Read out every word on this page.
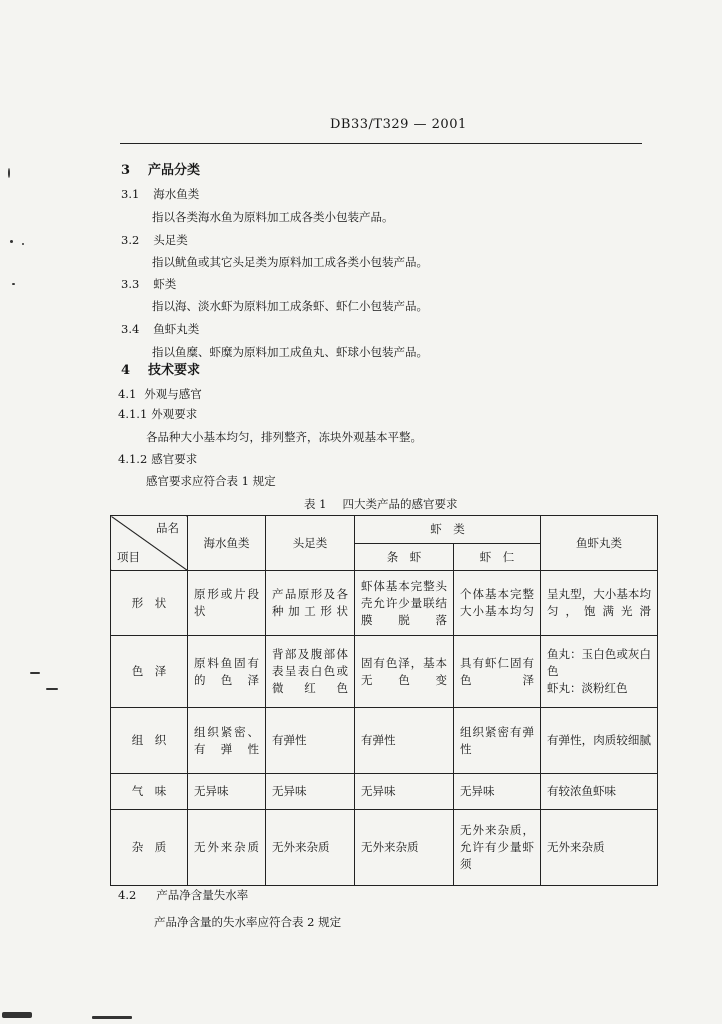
DB33/T329 — 2001
3 产品分类
3.1 海水鱼类
指以各类海水鱼为原料加工成各类小包装产品。
3.2 头足类
指以鱿鱼或其它头足类为原料加工成各类小包装产品。
3.3 虾类
指以海、淡水虾为原料加工成条虾、虾仁小包装产品。
3.4 鱼虾丸类
指以鱼糜、虾糜为原料加工成鱼丸、虾球小包装产品。
4 技术要求
4.1 外观与感官
4.1.1 外观要求
各品种大小基本均匀，排列整齐，冻块外观基本平整。
4.1.2 感官要求
感官要求应符合表 1 规定
表 1 四大类产品的感官要求
品名
项目	海水鱼类	头足类	虾　类		鱼虾丸类
			条　虾	虾　仁	
形　状	原形或片段状	产品原形及各种加工形状	虾体基本完整头壳允许少量联结膜脱落	个体基本完整大小基本均匀	呈丸型，大小基本均匀，饱满光滑
色　泽	原料鱼固有的色泽	背部及腹部体表呈表白色或微红色	固有色泽，基本无色变	具有虾仁固有色泽	鱼丸：玉白色或灰白色
虾丸：淡粉红色

组　织	组织紧密、有弹性	有弹性	有弹性	组织紧密有弹性	有弹性，肉质较细腻
气　味	无异味	无异味	无异味	无异味	有较浓鱼虾味
杂　质	无外来杂质	无外来杂质	无外来杂质	无外来杂质，允许有少量虾须	无外来杂质
4.2 产品净含量失水率
产品净含量的失水率应符合表 2 规定
